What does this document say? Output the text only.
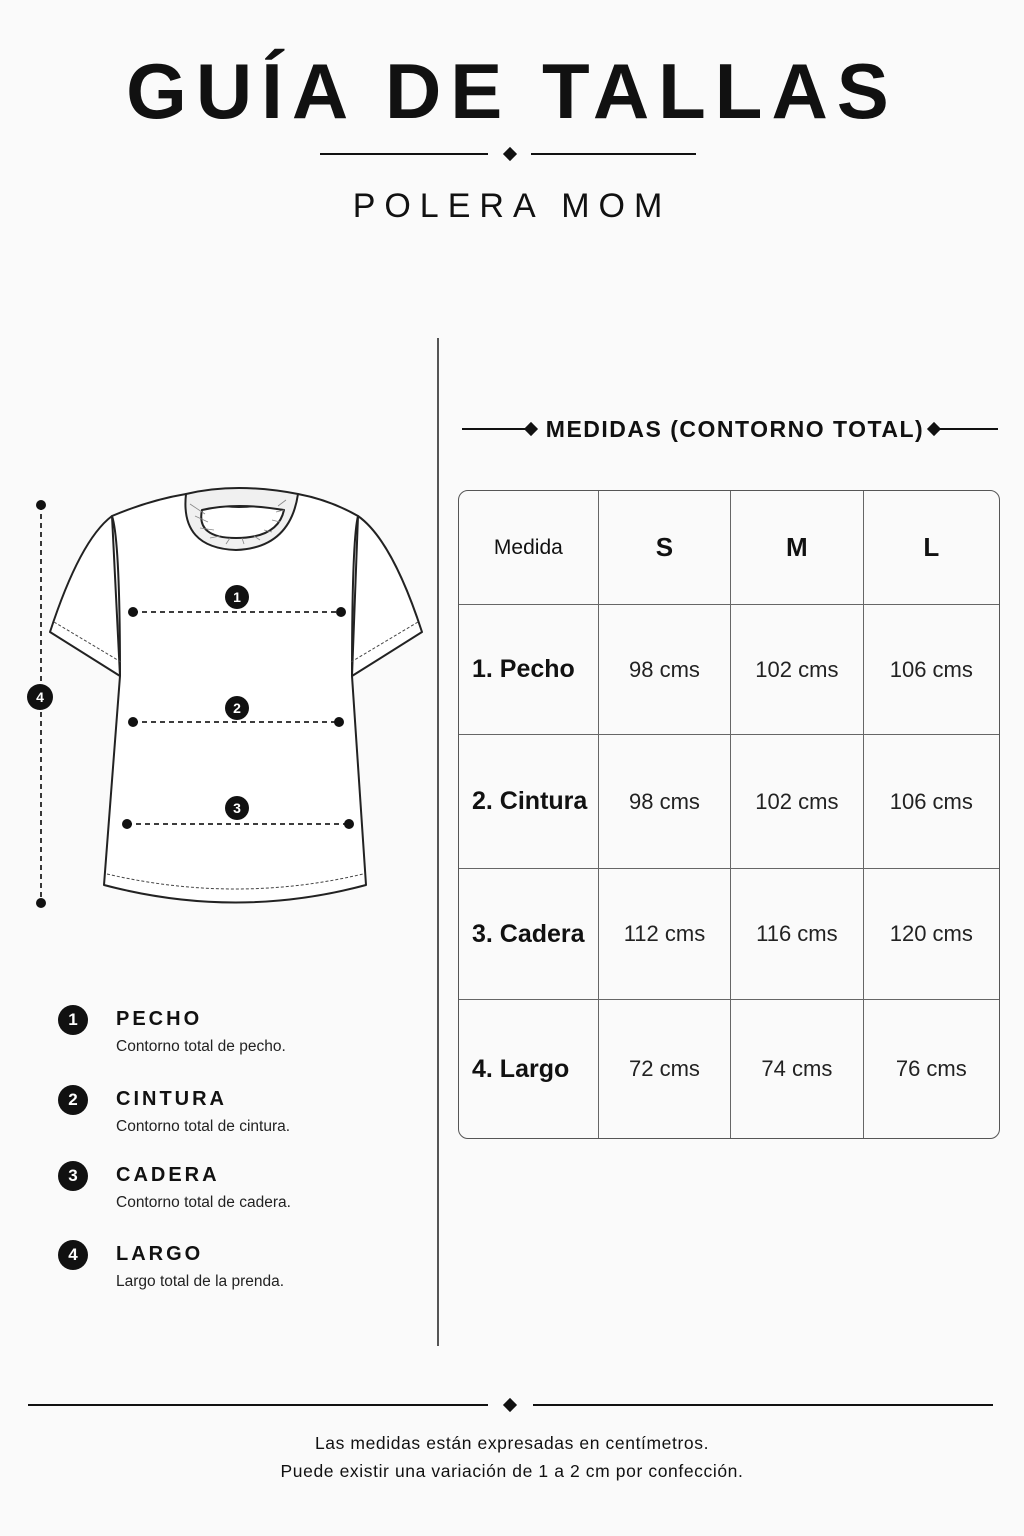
GUÍA DE TALLAS
POLERA MOM
1
2
3
4
1	PECHO
Contorno total de pecho.
2	CINTURA
Contorno total de cintura.
3	CADERA
Contorno total de cadera.
4	LARGO
Largo total de la prenda.
MEDIDAS (CONTORNO TOTAL)
Medida	S	M	L
1. Pecho	98 cms	102 cms	106 cms
2. Cintura	98 cms	102 cms	106 cms
3. Cadera	112 cms	116 cms	120 cms
4. Largo	72 cms	74 cms	76 cms
Las medidas están expresadas en centímetros.
Puede existir una variación de 1 a 2 cm por confección.
